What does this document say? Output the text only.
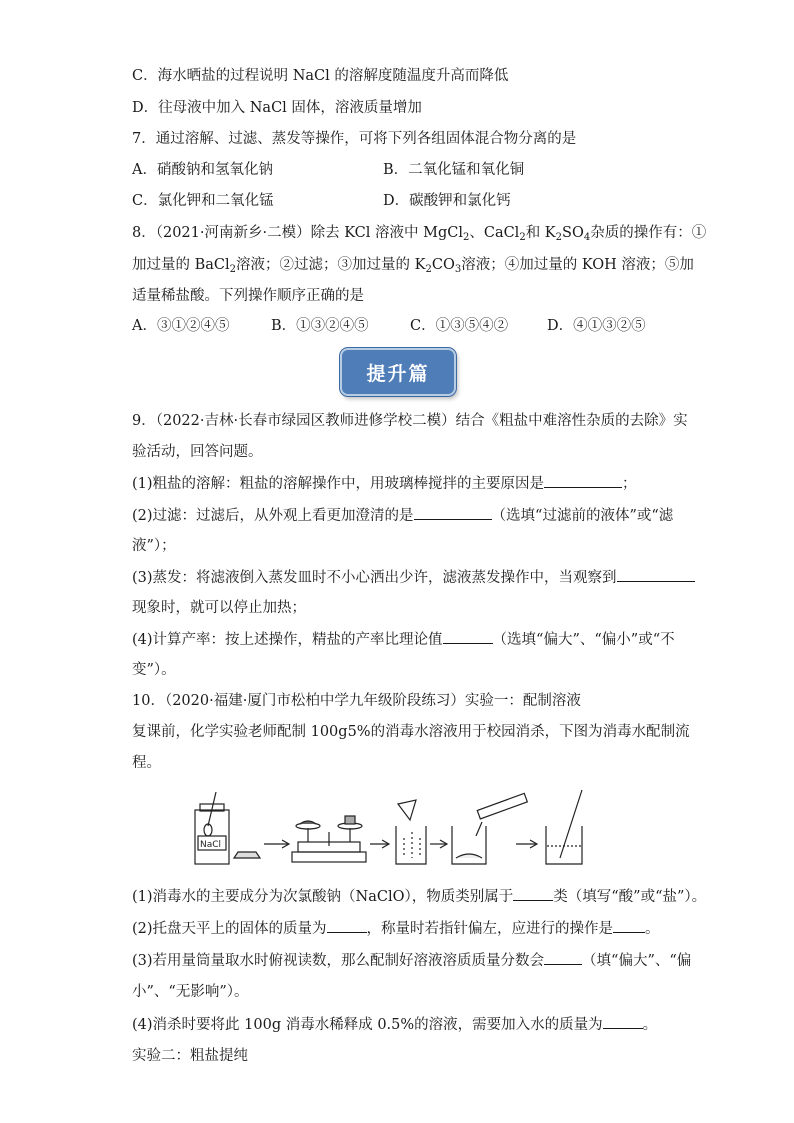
C．海水晒盐的过程说明 NaCl 的溶解度随温度升高而降低
D．往母液中加入 NaCl 固体，溶液质量增加
7．通过溶解、过滤、蒸发等操作，可将下列各组固体混合物分离的是
A．硝酸钠和氢氧化钠	B．二氧化锰和氧化铜
C．氯化钾和二氧化锰	D．碳酸钾和氯化钙
8．（2021·河南新乡·二模）除去 KCl 溶液中 MgCl$_2$、CaCl$_2$和 $K_2SO_4$杂质的操作有：①
加过量的 BaCl$_2$溶液；②过滤；③加过量的 $K_2CO_3$溶液；④加过量的 KOH 溶液；⑤加
适量稀盐酸。下列操作顺序正确的是
A．③①②④⑤	B．①③②④⑤	C．①③⑤④②	D．④①③②⑤
提升篇
9．（2022·吉林·长春市绿园区教师进修学校二模）结合《粗盐中难溶性杂质的去除》实
验活动，回答问题。
(1)粗盐的溶解：粗盐的溶解操作中，用玻璃棒搅拌的主要原因是	；
(2)过滤：过滤后，从外观上看更加澄清的是	（选填“过滤前的液体”或“滤
液”）；
(3)蒸发：将滤液倒入蒸发皿时不小心洒出少许，滤液蒸发操作中，当观察到
现象时，就可以停止加热；
(4)计算产率：按上述操作，精盐的产率比理论值	（选填“偏大”、“偏小”或“不
变”）。
10．（2020·福建·厦门市松柏中学九年级阶段练习）实验一：配制溶液
复课前，化学实验老师配制 100g5%的消毒水溶液用于校园消杀，下图为消毒水配制流
程。
NaCl
(1)消毒水的主要成分为次氯酸钠（NaClO），物质类别属于	类（填写“酸”或“盐”）。
(2)托盘天平上的固体的质量为	，称量时若指针偏左，应进行的操作是 。
(3)若用量筒量取水时俯视读数，那么配制好溶液溶质质量分数会	（填“偏大”、“偏
小”、“无影响”）。
(4)消杀时要将此 100g 消毒水稀释成 0.5%的溶液，需要加入水的质量为	。
实验二：粗盐提纯
